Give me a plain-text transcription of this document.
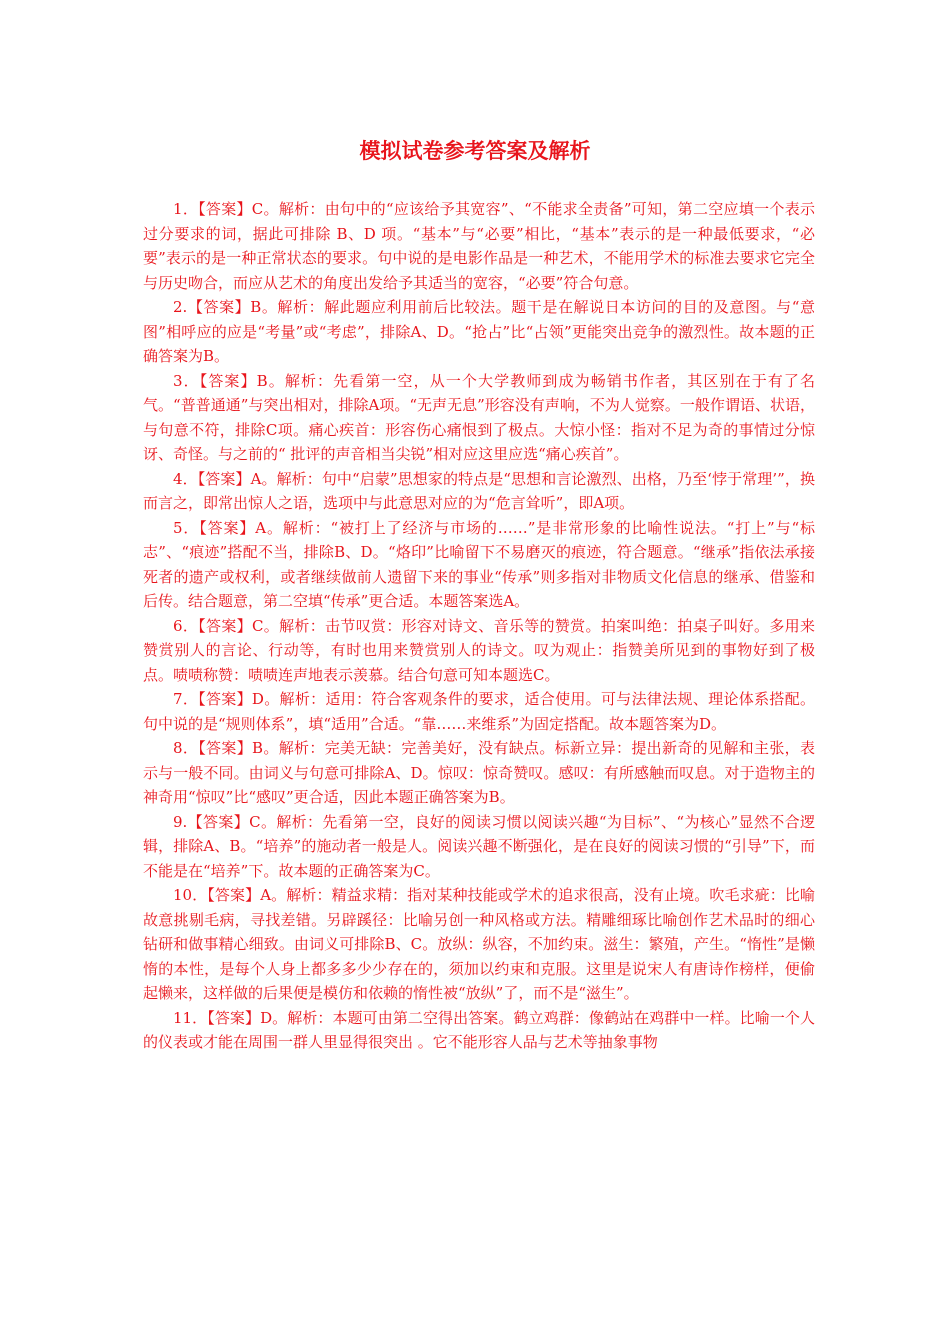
模拟试卷参考答案及解析

1．【答案】C。解析：由句中的“应该给予其宽容”、“不能求全责备”可知，第二空应填一个表示过分要求的词，据此可排除 B、D 项。“基本”与“必要”相比，“基本”表示的是一种最低要求，“必要”表示的是一种正常状态的要求。句中说的是电影作品是一种艺术，不能用学术的标准去要求它完全与历史吻合，而应从艺术的角度出发给予其适当的宽容，“必要”符合句意。

2.【答案】B。解析：解此题应利用前后比较法。题干是在解说日本访问的目的及意图。与“意图”相呼应的应是“考量”或“考虑”，排除A、D。“抢占”比“占领”更能突出竞争的激烈性。故本题的正确答案为B。

3．【答案】B。解析：先看第一空，从一个大学教师到成为畅销书作者，其区别在于有了名气。“普普通通”与突出相对，排除A项。“无声无息”形容没有声响，不为人觉察。一般作谓语、状语，与句意不符，排除C项。痛心疾首：形容伤心痛恨到了极点。大惊小怪：指对不足为奇的事情过分惊讶、奇怪。与之前的“ 批评的声音相当尖锐”相对应这里应选“痛心疾首”。

4．【答案】A。解析：句中“启蒙”思想家的特点是“思想和言论激烈、出格，乃至‘悖于常理’”，换而言之，即常出惊人之语，选项中与此意思对应的为“危言耸听”，即A项。

5．【答案】A。解析：“被打上了经济与市场的……”是非常形象的比喻性说法。“打上”与“标志”、“痕迹”搭配不当，排除B、D。“烙印”比喻留下不易磨灭的痕迹，符合题意。“继承”指依法承接死者的遗产或权利，或者继续做前人遗留下来的事业“传承”则多指对非物质文化信息的继承、借鉴和后传。结合题意，第二空填“传承”更合适。本题答案选A。

6．【答案】C。解析：击节叹赏：形容对诗文、音乐等的赞赏。拍案叫绝：拍桌子叫好。多用来赞赏别人的言论、行动等，有时也用来赞赏别人的诗文。叹为观止：指赞美所见到的事物好到了极点。啧啧称赞：啧啧连声地表示羡慕。结合句意可知本题选C。

7．【答案】D。解析：适用：符合客观条件的要求，适合使用。可与法律法规、理论体系搭配。句中说的是“规则体系”，填“适用”合适。“靠……来维系”为固定搭配。故本题答案为D。

8．【答案】B。解析：完美无缺：完善美好，没有缺点。标新立异：提出新奇的见解和主张，表示与一般不同。由词义与句意可排除A、D。惊叹：惊奇赞叹。感叹：有所感触而叹息。对于造物主的神奇用“惊叹”比“感叹”更合适，因此本题正确答案为B。

9.【答案】C。解析：先看第一空，良好的阅读习惯以阅读兴趣“为目标”、“为核心”显然不合逻辑，排除A、B。“培养”的施动者一般是人。阅读兴趣不断强化，是在良好的阅读习惯的“引导”下，而不能是在“培养”下。故本题的正确答案为C。

10．【答案】A。解析：精益求精：指对某种技能或学术的追求很高，没有止境。吹毛求疵：比喻故意挑剔毛病，寻找差错。另辟蹊径：比喻另创一种风格或方法。精雕细琢比喻创作艺术品时的细心钻研和做事精心细致。由词义可排除B、C。放纵：纵容，不加约束。滋生：繁殖，产生。“惰性”是懒惰的本性，是每个人身上都多多少少存在的，须加以约束和克服。这里是说宋人有唐诗作榜样，便偷起懒来，这样做的后果便是模仿和依赖的惰性被“放纵”了，而不是“滋生”。

11．【答案】D。解析：本题可由第二空得出答案。鹤立鸡群：像鹤站在鸡群中一样。比喻一个人的仪表或才能在周围一群人里显得很突出 。它不能形容人品与艺术等抽象事物
